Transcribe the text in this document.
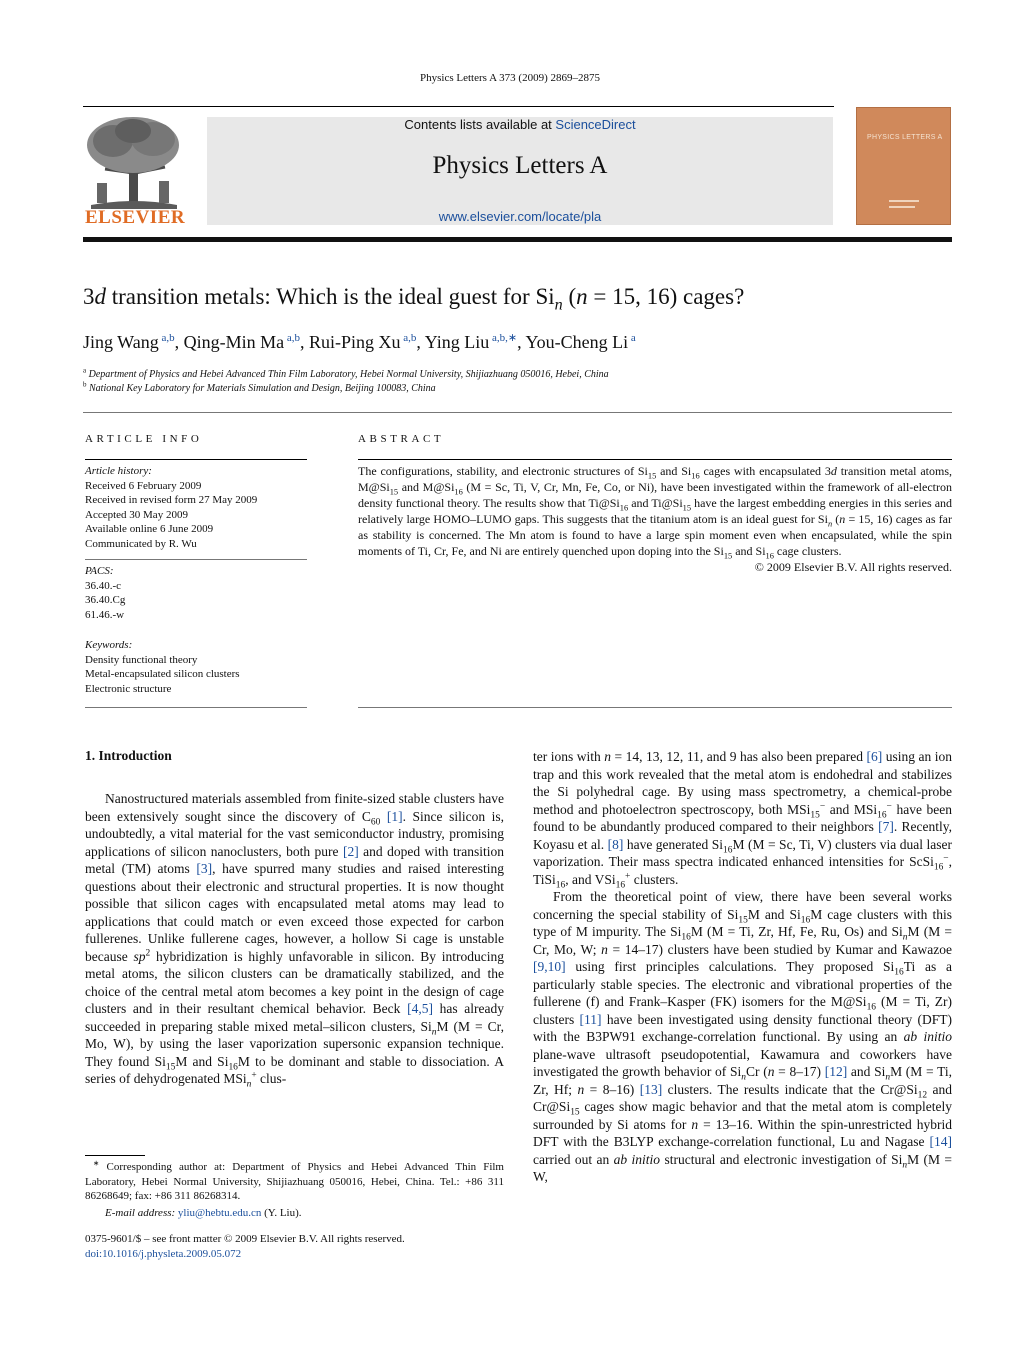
Physics Letters A 373 (2009) 2869–2875
Contents lists available at ScienceDirect
Physics Letters A
www.elsevier.com/locate/pla
ELSEVIER
PHYSICS LETTERS A
3d transition metals: Which is the ideal guest for $Si_n$ (n = 15, 16) cages?
Jing Wang $^{a,b}$, Qing-Min Ma $^{a,b}$, Rui-Ping Xu $^{a,b}$, Ying Liu $^{a,b,∗}$, You-Cheng Li $^a$
$^a$ Department of Physics and Hebei Advanced Thin Film Laboratory, Hebei Normal University, Shijiazhuang 050016, Hebei, China
$^b$ National Key Laboratory for Materials Simulation and Design, Beijing 100083, China
ARTICLE INFO
Article history:
Received 6 February 2009
Received in revised form 27 May 2009
Accepted 30 May 2009
Available online 6 June 2009
Communicated by R. Wu
PACS:
36.40.-c
36.40.Cg
61.46.-w
Keywords:
Density functional theory
Metal-encapsulated silicon clusters
Electronic structure
ABSTRACT
The configurations, stability, and electronic structures of $Si_{15}$ and $Si_{16}$ cages with encapsulated 3d transition metal atoms, $M@Si_{15}$ and $M@Si_{16}$ (M = Sc, Ti, V, Cr, Mn, Fe, Co, or Ni), have been investigated within the framework of all-electron density functional theory. The results show that $Ti@Si_{16}$ and $Ti@Si_{15}$ have the largest embedding energies in this series and relatively large HOMO–LUMO gaps. This suggests that the titanium atom is an ideal guest for $Si_n$ (n = 15, 16) cages as far as stability is concerned. The Mn atom is found to have a large spin moment even when encapsulated, while the spin moments of Ti, Cr, Fe, and Ni are entirely quenched upon doping into the $Si_{15}$ and $Si_{16}$ cage clusters.
© 2009 Elsevier B.V. All rights reserved.
1. Introduction

Nanostructured materials assembled from finite-sized stable clusters have been extensively sought since the discovery of $C_{60}$ [1]. Since silicon is, undoubtedly, a vital material for the vast semiconductor industry, promising applications of silicon nanoclusters, both pure [2] and doped with transition metal (TM) atoms [3], have spurred many studies and raised interesting questions about their electronic and structural properties. It is now thought possible that silicon cages with encapsulated metal atoms may lead to applications that could match or even exceed those expected for carbon fullerenes. Unlike fullerene cages, however, a hollow Si cage is unstable because $sp^2$ hybridization is highly unfavorable in silicon. By introducing metal atoms, the silicon clusters can be dramatically stabilized, and the choice of the central metal atom becomes a key point in the design of cage clusters and in their resultant chemical behavior. Beck [4,5] has already succeeded in preparing stable mixed metal–silicon clusters, $Si_nM$ (M = Cr, Mo, W), by using the laser vaporization supersonic expansion technique. They found $Si_{15}M$ and $Si_{16}M$ to be dominant and stable to dissociation. A series of dehydrogenated MSi$_n$+ clus-

ter ions with n = 14, 13, 12, 11, and 9 has also been prepared [6] using an ion trap and this work revealed that the metal atom is endohedral and stabilizes the Si polyhedral cage. By using mass spectrometry, a chemical-probe method and photoelectron spectroscopy, both MSi$_{15}$− and MSi$_{16}$− have been found to be abundantly produced compared to their neighbors [7]. Recently, Koyasu et al. [8] have generated $Si_{16}M$ (M = Sc, Ti, V) clusters via dual laser vaporization. Their mass spectra indicated enhanced intensities for ScSi$_{16}$−, TiSi$_{16}$, and VSi$_{16}$+ clusters.

From the theoretical point of view, there have been several works concerning the special stability of $Si_{15}M$ and $Si_{16}M$ cage clusters with this type of M impurity. The $Si_{16}M$ (M = Ti, Zr, Hf, Fe, Ru, Os) and $Si_nM$ (M = Cr, Mo, W; n = 14–17) clusters have been studied by Kumar and Kawazoe [9,10] using first principles calculations. They proposed $Si_{16}Ti$ as a particularly stable species. The electronic and vibrational properties of the fullerene (f) and Frank–Kasper (FK) isomers for the $M@Si_{16}$ (M = Ti, Zr) clusters [11] have been investigated using density functional theory (DFT) with the B3PW91 exchange-correlation functional. By using an ab initio plane-wave ultrasoft pseudopotential, Kawamura and coworkers have investigated the growth behavior of $Si_nCr$ (n = 8–17) [12] and $Si_nM$ (M = Ti, Zr, Hf; n = 8–16) [13] clusters. The results indicate that the $Cr@Si_{12}$ and $Cr@Si_{15}$ cages show magic behavior and that the metal atom is completely surrounded by Si atoms for n = 13–16. Within the spin-unrestricted hybrid DFT with the B3LYP exchange-correlation functional, Lu and Nagase [14] carried out an ab initio structural and electronic investigation of $Si_nM$ (M = W,

∗ Corresponding author at: Department of Physics and Hebei Advanced Thin Film Laboratory, Hebei Normal University, Shijiazhuang 050016, Hebei, China. Tel.: +86 311 86268649; fax: +86 311 86268314.
E-mail address: yliu@hebtu.edu.cn (Y. Liu).
0375-9601/$ – see front matter © 2009 Elsevier B.V. All rights reserved.
doi:10.1016/j.physleta.2009.05.072
